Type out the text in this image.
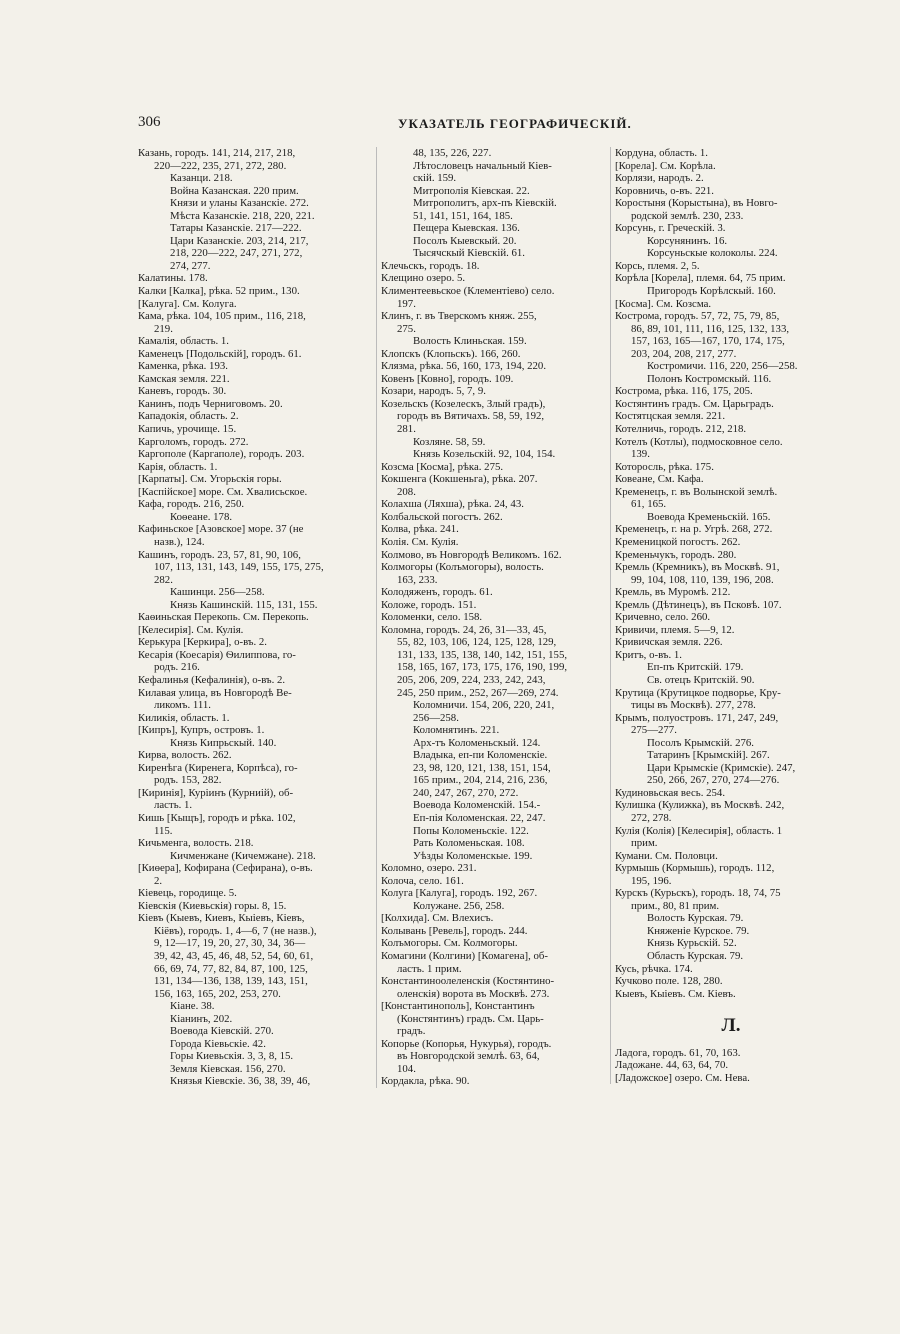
306	УКАЗАТЕЛЬ ГЕОГРАФИЧЕСКІЙ.
Казань, городъ. 141, 214, 217, 218,
220—222, 235, 271, 272, 280.
Казанци. 218.
Война Казанская. 220 прим.
Князи и уланы Казанскіе. 272.
Мѣста Казанскіе. 218, 220, 221.
Татары Казанскіе. 217—222.
Цари Казанскіе. 203, 214, 217,
218, 220—222, 247, 271, 272,
274, 277.
Калатины. 178.
Калки [Калка], рѣка. 52 прим., 130.
[Калуга]. См. Колуга.
Кама, рѣка. 104, 105 прим., 116, 218,
219.
Камалія, область. 1.
Каменецъ [Подольскій], городъ. 61.
Каменка, рѣка. 193.
Камская земля. 221.
Каневъ, городъ. 30.
Канинъ, подъ Черниговомъ. 20.
Кападокія, область. 2.
Капичь, урочище. 15.
Карголомъ, городъ. 272.
Каргополе (Каргаполе), городъ. 203.
Карія, область. 1.
[Карпаты]. См. Угорьскія горы.
[Каспійское] море. См. Хвалисьское.
Кафа, городъ. 216, 250.
Коѳеане. 178.
Кафиньское [Азовское] море. 37 (не
назв.), 124.
Кашинъ, городъ. 23, 57, 81, 90, 106,
107, 113, 131, 143, 149, 155, 175, 275,
282.
Кашинци. 256—258.
Князь Кашинскій. 115, 131, 155.
Каѳиньская Перекопь. См. Перекопь.
[Келесирія]. См. Кулія.
Керькура [Керкира], о-въ. 2.
Кесарія (Коесарія) Ѳилиппова, го-
родъ. 216.
Кефалинья (Кефалинія), о-въ. 2.
Килавая улица, въ Новгородѣ Ве-
ликомъ. 111.
Киликія, область. 1.
[Кипръ], Купръ, островъ. 1.
Князь Кипрьскый. 140.
Кирва, волость. 262.
Киренѣга (Киренега, Корпѣса), го-
родъ. 153, 282.
[Киринія], Куріинъ (Курниій), об-
ласть. 1.
Кишь [Кыщъ], городъ и рѣка. 102,
115.
Кичьменга, волость. 218.
Кичменжане (Кичемжане). 218.
[Киѳера], Кофирана (Сефирана), о-въ.
2.
Кіевець, городище. 5.
Кіевскія (Киевьскія) горы. 8, 15.
Кіевъ (Кыевъ, Киевъ, Кыіевъ, Кіевъ,
Кіёвъ), городъ. 1, 4—6, 7 (не назв.),
9, 12—17, 19, 20, 27, 30, 34, 36—
39, 42, 43, 45, 46, 48, 52, 54, 60, 61,
66, 69, 74, 77, 82, 84, 87, 100, 125,
131, 134—136, 138, 139, 143, 151,
156, 163, 165, 202, 253, 270.
Кіане. 38.
Кіанинъ, 202.
Воевода Кіевскій. 270.
Города Кіевьскіе. 42.
Горы Киевьскія. 3, 3, 8, 15.
Земля Кіевская. 156, 270.
Князья Кіевскіе. 36, 38, 39, 46,
48, 135, 226, 227.
Лѣтословецъ начальный Кіев-
скій. 159.
Митрополія Кіевская. 22.
Митрополитъ, арх-пъ Кіевскій.
51, 141, 151, 164, 185.
Пещера Кыевская. 136.
Посолъ Кыевскый. 20.
Тысячскый Кіевскій. 61.
Клечьскъ, городъ. 18.
Клещино озеро. 5.
Климентеевьское (Клементіево) село.
197.
Клинъ, г. въ Тверскомъ княж. 255,
275.
Волость Клиньская. 159.
Клопскъ (Клопьскъ). 166, 260.
Клязма, рѣка. 56, 160, 173, 194, 220.
Ковенъ [Ковно], городъ. 109.
Козари, народъ. 5, 7, 9.
Козельскъ (Козелескъ, Злый градъ),
городъ въ Вятичахъ. 58, 59, 192,
281.
Козляне. 58, 59.
Князь Козельскій. 92, 104, 154.
Козсма [Косма], рѣка. 275.
Кокшенга (Кокшеньга), рѣка. 207.
208.
Колахша (Ляхша), рѣка. 24, 43.
Колбальской погостъ. 262.
Колва, рѣка. 241.
Колія. См. Кулія.
Колмово, въ Новгородѣ Великомъ. 162.
Колмогоры (Колъмогоры), волость.
163, 233.
Колодяженъ, городъ. 61.
Коложе, городъ. 151.
Коломенки, село. 158.
Коломна, городъ. 24, 26, 31—33, 45,
55, 82, 103, 106, 124, 125, 128, 129,
131, 133, 135, 138, 140, 142, 151, 155,
158, 165, 167, 173, 175, 176, 190, 199,
205, 206, 209, 224, 233, 242, 243,
245, 250 прим., 252, 267—269, 274.
Коломничи. 154, 206, 220, 241,
256—258.
Коломнятинъ. 221.
Арх-тъ Коломеньскый. 124.
Владыка, еп-пи Коломенскіе.
23, 98, 120, 121, 138, 151, 154,
165 прим., 204, 214, 216, 236,
240, 247, 267, 270, 272.
Воевода Коломенскій. 154.-
Еп-пія Коломенская. 22, 247.
Попы Коломеньскіе. 122.
Рать Коломеньская. 108.
Уѣзды Коломенскые. 199.
Коломно, озеро. 231.
Колоча, село. 161.
Колуга [Калуга], городъ. 192, 267.
Колужане. 256, 258.
[Колхида]. См. Влехисъ.
Колывань [Ревель], городъ. 244.
Колъмогоры. См. Колмогоры.
Комагини (Колгини) [Комагена], об-
ласть. 1 прим.
Константиноолеленскія (Костянтино-
оленскія) ворота въ Москвѣ. 273.
[Константинополь], Константинъ
(Констянтинъ) градъ. См. Царь-
градъ.
Копорье (Копорья, Нукурья), городъ.
въ Новгородской землѣ. 63, 64,
104.
Кордакла, рѣка. 90.
Кордуна, область. 1.
[Корела]. См. Корѣла.
Корлязи, народъ. 2.
Коровничь, о-въ. 221.
Коростыня (Корыстына), въ Новго-
родской землѣ. 230, 233.
Корсунь, г. Греческій. 3.
Корсунянинъ. 16.
Корсуньскые колоколы. 224.
Корсь, племя. 2, 5.
Корѣла [Корела], племя. 64, 75 прим.
Пригородъ Корѣлскый. 160.
[Косма]. См. Козсма.
Кострома, городъ. 57, 72, 75, 79, 85,
86, 89, 101, 111, 116, 125, 132, 133,
157, 163, 165—167, 170, 174, 175,
203, 204, 208, 217, 277.
Костромичи. 116, 220, 256—258.
Полонъ Костромскый. 116.
Кострома, рѣка. 116, 175, 205.
Костянтинъ градъ. См. Царьградъ.
Костятцская земля. 221.
Котелничь, городъ. 212, 218.
Котелъ (Котлы), подмосковное село.
139.
Которосль, рѣка. 175.
Ковеане, См. Кафа.
Кременецъ, г. въ Волынской землѣ.
61, 165.
Воевода Кременьскій. 165.
Кременецъ, г. на р. Угрѣ. 268, 272.
Кременицкой погостъ. 262.
Кременьчукъ, городъ. 280.
Кремль (Кремникъ), въ Москвѣ. 91,
99, 104, 108, 110, 139, 196, 208.
Кремль, въ Муромѣ. 212.
Кремль (Дѣтинецъ), въ Псковѣ. 107.
Кричевно, село. 260.
Кривичи, племя. 5—9, 12.
Кривичская земля. 226.
Критъ, о-въ. 1.
Еп-пъ Критскій. 179.
Св. отецъ Критскій. 90.
Крутица (Крутицкое подворье, Кру-
тицы въ Москвѣ). 277, 278.
Крымъ, полуостровъ. 171, 247, 249,
275—277.
Посолъ Крымскій. 276.
Татаринъ [Крымскій]. 267.
Цари Крымскіе (Кримскіе). 247,
250, 266, 267, 270, 274—276.
Кудиновьская весь. 254.
Кулишка (Кулижка), въ Москвѣ. 242,
272, 278.
Кулія (Колія) [Келесирія], область. 1
прим.
Кумани. См. Половци.
Курмышь (Кормышь), городъ. 112,
195, 196.
Курскъ (Курьскъ), городъ. 18, 74, 75
прим., 80, 81 прим.
Волость Курская. 79.
Княженіе Курское. 79.
Князь Курьскій. 52.
Область Курская. 79.
Кусь, рѣчка. 174.
Кучково поле. 128, 280.
Кыевъ, Кыіевъ. См. Кіевъ.
Л.
Ладога, городъ. 61, 70, 163.
Ладожане. 44, 63, 64, 70.
[Ладожское] озеро. См. Нева.
